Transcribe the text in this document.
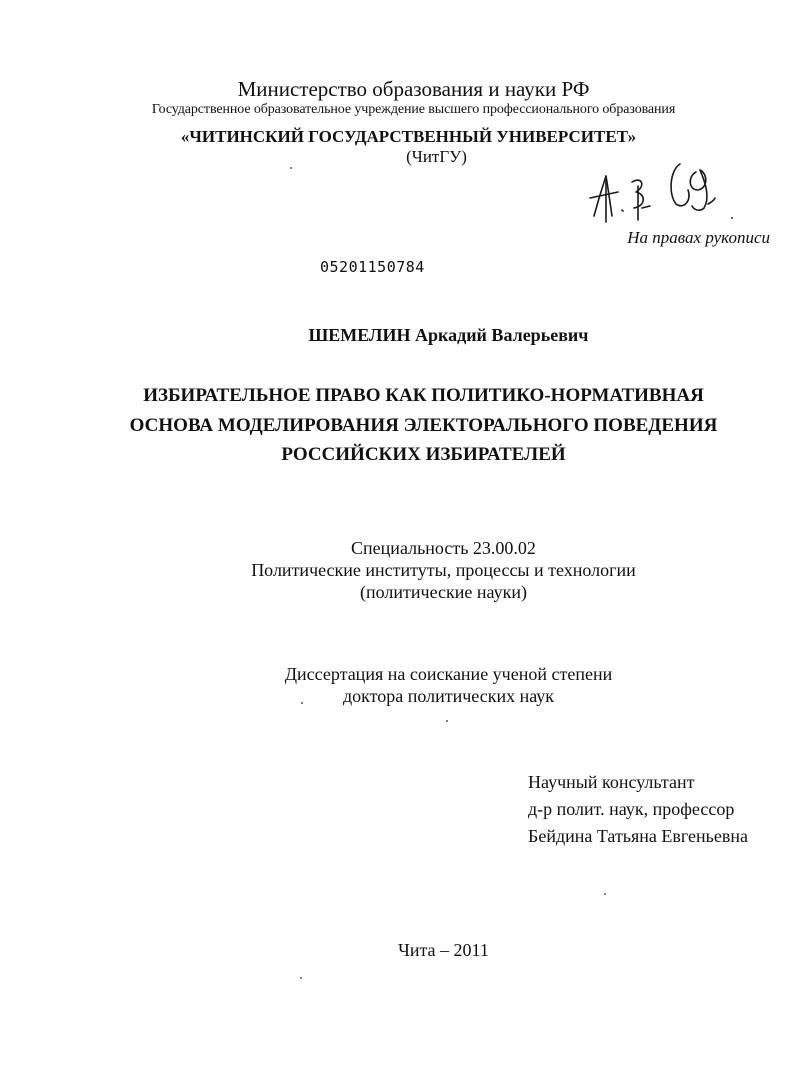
Министерство образования и науки РФ
Государственное образовательное учреждение высшего профессионального образования
«ЧИТИНСКИЙ ГОСУДАРСТВЕННЫЙ УНИВЕРСИТЕТ»
(ЧитГУ)
На правах рукописи
05201150784
ШЕМЕЛИН Аркадий Валерьевич
ИЗБИРАТЕЛЬНОЕ ПРАВО КАК ПОЛИТИКО-НОРМАТИВНАЯ
ОСНОВА МОДЕЛИРОВАНИЯ ЭЛЕКТОРАЛЬНОГО ПОВЕДЕНИЯ
РОССИЙСКИХ ИЗБИРАТЕЛЕЙ
Специальность 23.00.02
Политические институты, процессы и технологии
(политические науки)
Диссертация на соискание ученой степени
доктора политических наук
Научный консультант
д-р полит. наук, профессор
Бейдина Татьяна Евгеньевна
Чита – 2011
